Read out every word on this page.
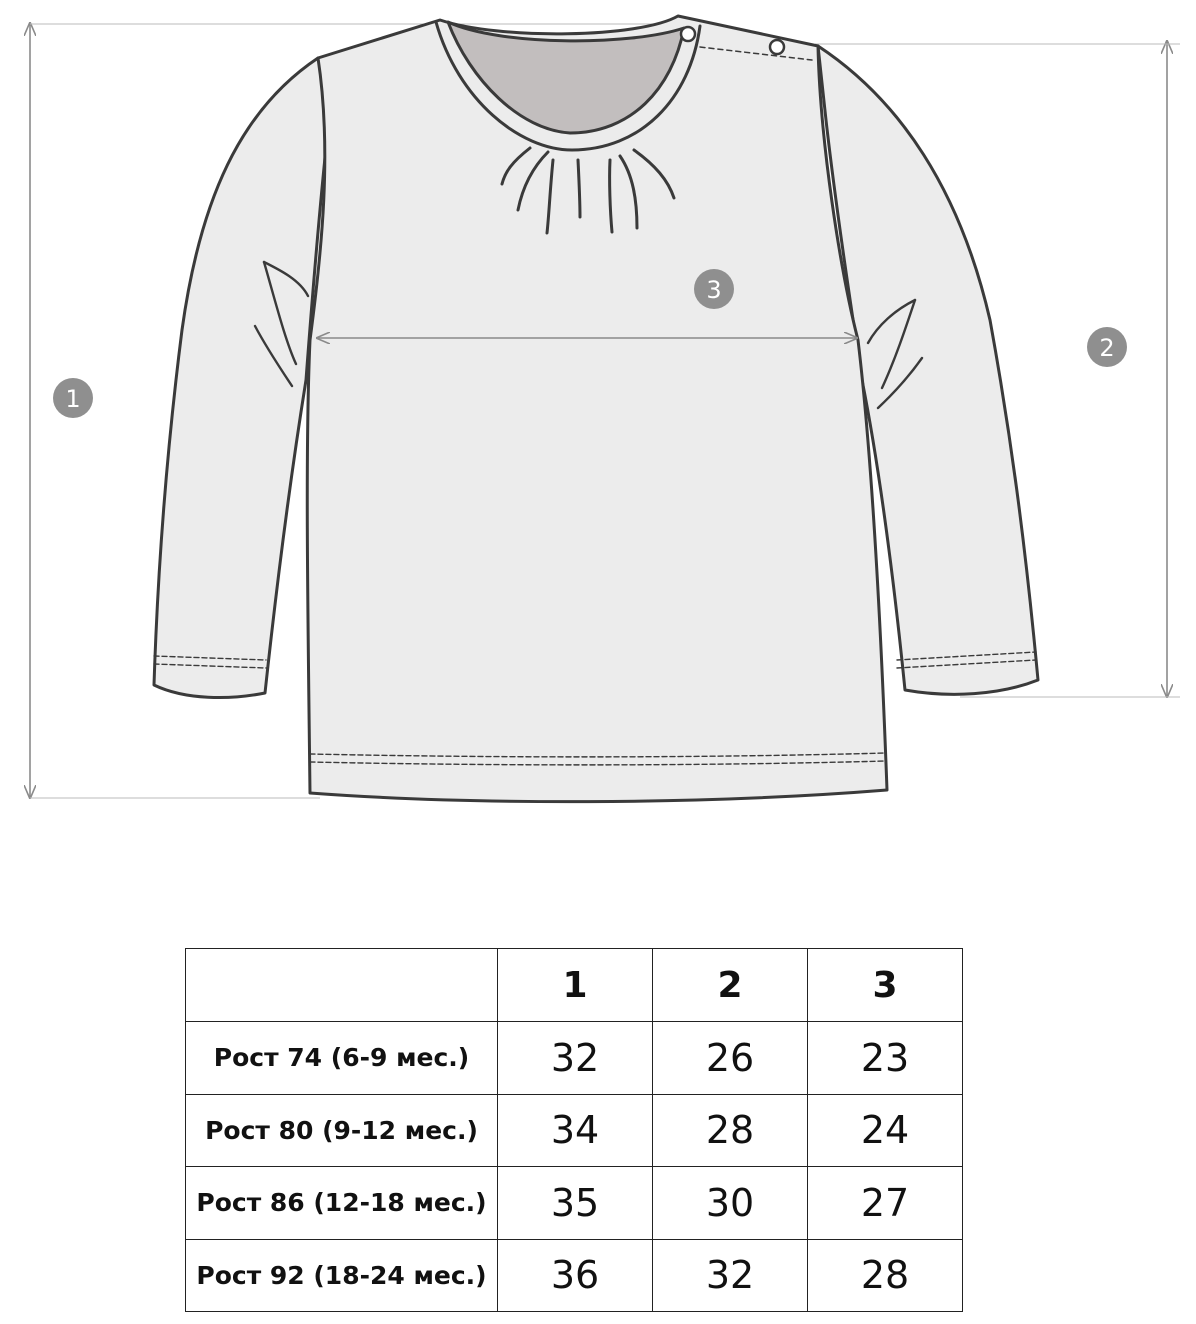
1
2
3
	1	2	3
Рост 74 (6-9 мес.)	32	26	23
Рост 80 (9-12 мес.)	34	28	24
Рост 86 (12-18 мес.)	35	30	27
Рост 92 (18-24 мес.)	36	32	28
